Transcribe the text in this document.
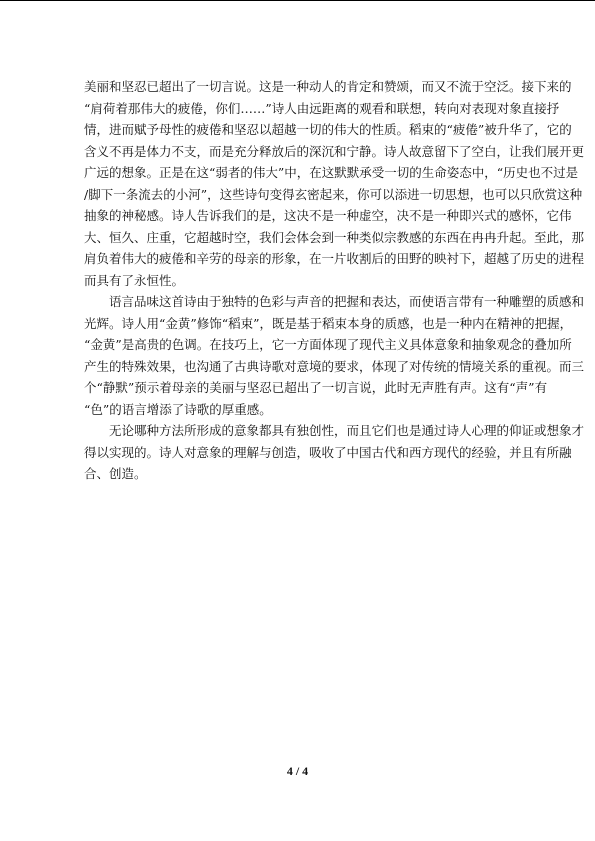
美丽和坚忍已超出了一切言说。这是一种动人的肯定和赞颂，而又不流于空泛。接下来的
“肩荷着那伟大的疲倦，你们……”诗人由远距离的观看和联想，转向对表现对象直接抒
情，进而赋予母性的疲倦和坚忍以超越一切的伟大的性质。稻束的“疲倦”被升华了，它的
含义不再是体力不支，而是充分释放后的深沉和宁静。诗人故意留下了空白，让我们展开更
广远的想象。正是在这“弱者的伟大”中，在这默默承受一切的生命姿态中，“历史也不过是
/脚下一条流去的小河”，这些诗句变得玄密起来，你可以添进一切思想，也可以只欣赏这种
抽象的神秘感。诗人告诉我们的是，这决不是一种虚空，决不是一种即兴式的感怀，它伟
大、恒久、庄重，它超越时空，我们会体会到一种类似宗教感的东西在冉冉升起。至此，那
肩负着伟大的疲倦和辛劳的母亲的形象，在一片收割后的田野的映衬下，超越了历史的进程
而具有了永恒性。
语言品味这首诗由于独特的色彩与声音的把握和表达，而使语言带有一种雕塑的质感和
光辉。诗人用“金黄”修饰“稻束”，既是基于稻束本身的质感，也是一种内在精神的把握，
“金黄”是高贵的色调。在技巧上，它一方面体现了现代主义具体意象和抽象观念的叠加所
产生的特殊效果，也沟通了古典诗歌对意境的要求，体现了对传统的情境关系的重视。而三
个“静默”预示着母亲的美丽与坚忍已超出了一切言说，此时无声胜有声。这有“声”有
“色”的语言增添了诗歌的厚重感。
无论哪种方法所形成的意象都具有独创性，而且它们也是通过诗人心理的仰证或想象才
得以实现的。诗人对意象的理解与创造，吸收了中国古代和西方现代的经验，并且有所融
合、创造。
4 / 4
